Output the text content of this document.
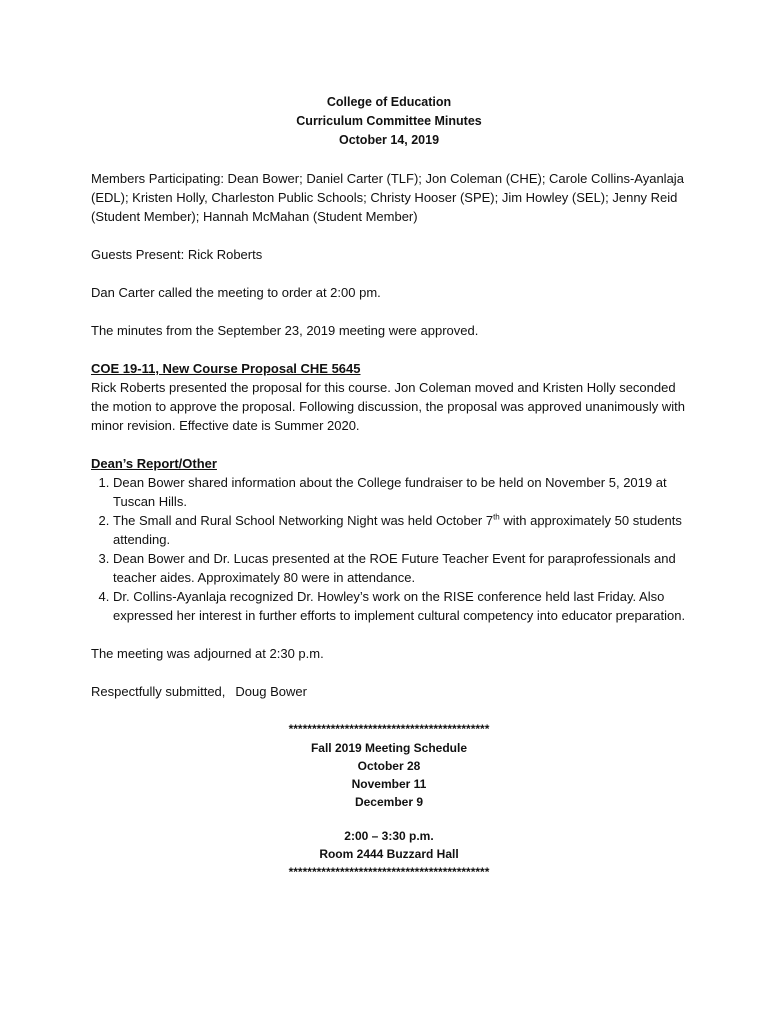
College of Education
Curriculum Committee Minutes
October 14, 2019

Members Participating: Dean Bower; Daniel Carter (TLF); Jon Coleman (CHE); Carole Collins-Ayanlaja (EDL); Kristen Holly, Charleston Public Schools; Christy Hooser (SPE); Jim Howley (SEL); Jenny Reid (Student Member); Hannah McMahan (Student Member)

Guests Present: Rick Roberts

Dan Carter called the meeting to order at 2:00 pm.

The minutes from the September 23, 2019 meeting were approved.

COE 19-11, New Course Proposal CHE 5645

Rick Roberts presented the proposal for this course. Jon Coleman moved and Kristen Holly seconded the motion to approve the proposal. Following discussion, the proposal was approved unanimously with minor revision. Effective date is Summer 2020.

Dean’s Report/Other

1. Dean Bower shared information about the College fundraiser to be held on November 5, 2019 at Tuscan Hills.
2. The Small and Rural School Networking Night was held October 7th with approximately 50 students attending.
3. Dean Bower and Dr. Lucas presented at the ROE Future Teacher Event for paraprofessionals and teacher aides. Approximately 80 were in attendance.
4. Dr. Collins-Ayanlaja recognized Dr. Howley’s work on the RISE conference held last Friday. Also expressed her interest in further efforts to implement cultural competency into educator preparation.

The meeting was adjourned at 2:30 p.m.

Respectfully submitted, Doug Bower

*******************************************
Fall 2019 Meeting Schedule
October 28
November 11
December 9
2:00 – 3:30 p.m.
Room 2444 Buzzard Hall
*******************************************
